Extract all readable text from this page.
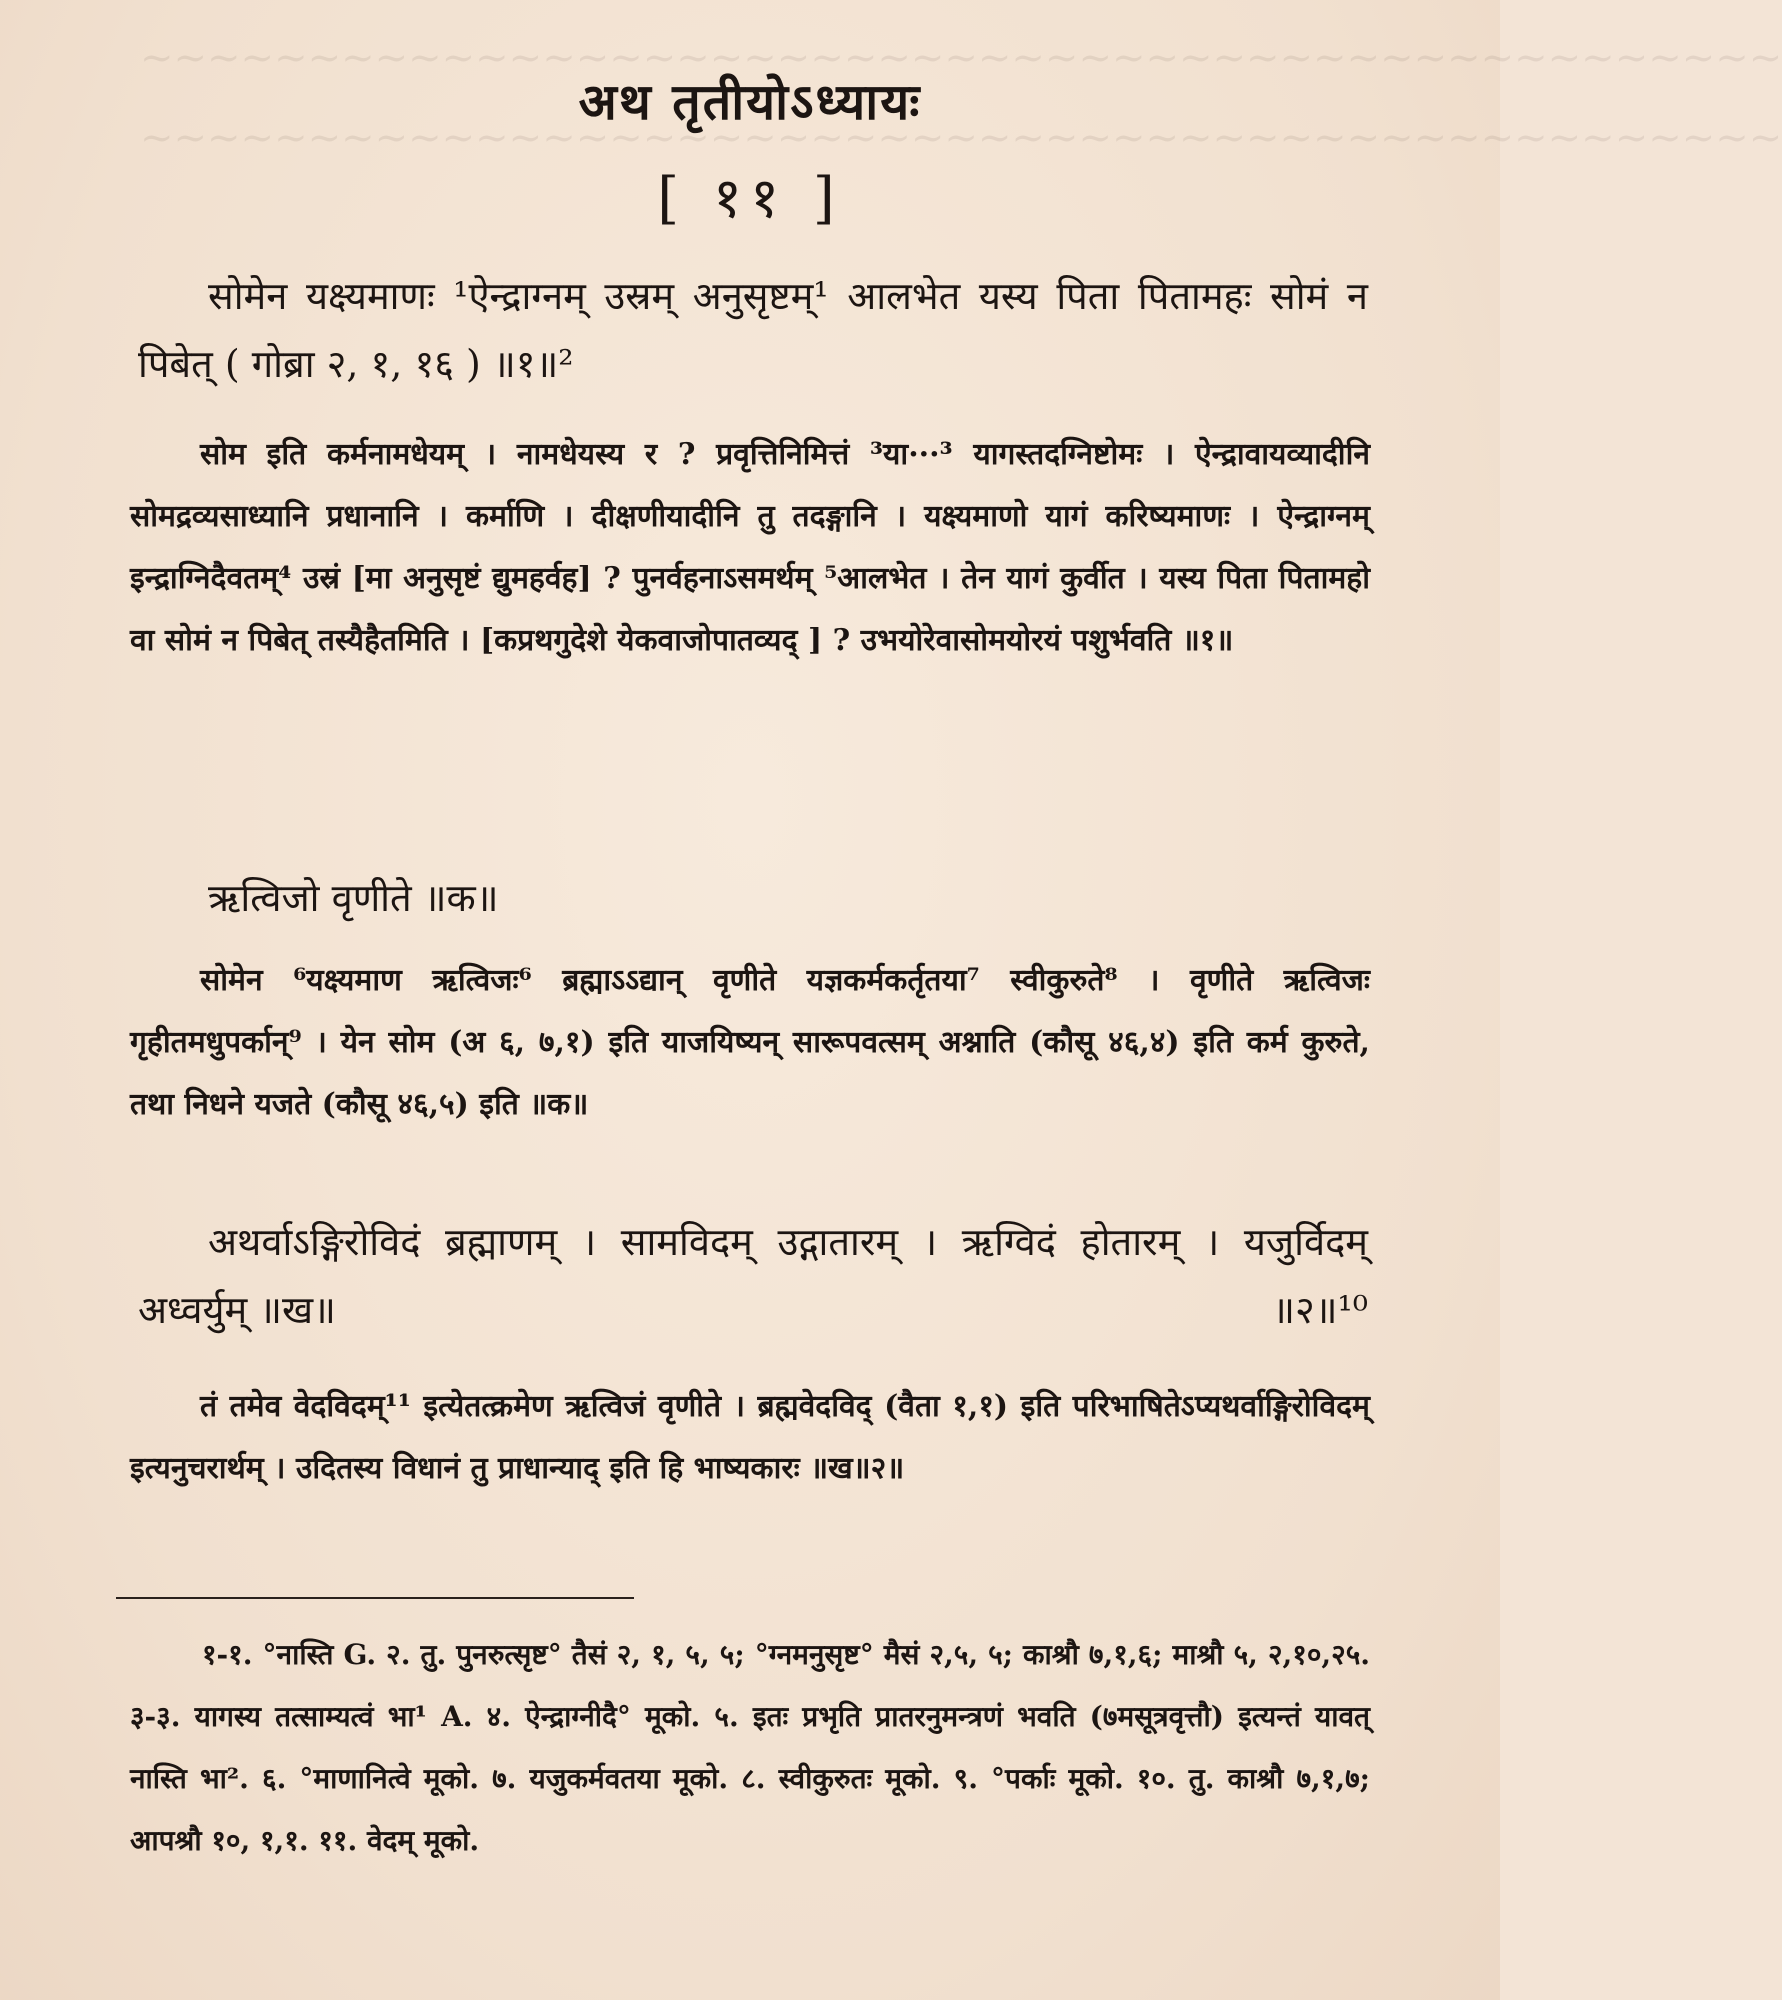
~~~~~~~~~~~~~~~~~~~~~~~~~~~~~~~~~~~~~~~~~~~~~~~~~
~~~~~~~~~~~~~~~~~~~~~~~~~~~~~~~~~~~~~~~~~~~~~~~~~
अथ तृतीयोऽध्यायः
[ ११ ]
सोमेन यक्ष्यमाणः ¹ऐन्द्राग्नम् उस्रम् अनुसृष्टम्¹ आलभेत यस्य पिता पितामहः सोमं न पिबेत् ( गोब्रा २, १, १६ ) ॥१॥²
सोम इति कर्मनामधेयम् । नामधेयस्य र ? प्रवृत्तिनिमित्तं ³या···³ यागस्तदग्निष्टोमः । ऐन्द्रावायव्यादीनि सोमद्रव्यसाध्यानि प्रधानानि । कर्माणि । दीक्षणीयादीनि तु तदङ्गानि । यक्ष्यमाणो यागं करिष्यमाणः । ऐन्द्राग्नम् इन्द्राग्निदैवतम्⁴ उस्रं [मा अनुसृष्टं द्युमहर्वह] ? पुनर्वहनाऽसमर्थम् ⁵आलभेत । तेन यागं कुर्वीत । यस्य पिता पितामहो वा सोमं न पिबेत् तस्यैहैतमिति । [कप्रथगुदेशे येकवाजोपातव्यद् ] ? उभयोरेवासोमयोरयं पशुर्भवति ॥१॥
ऋत्विजो वृणीते ॥क॥
सोमेन ⁶यक्ष्यमाण ऋत्विजः⁶ ब्रह्माऽऽद्यान् वृणीते यज्ञकर्मकर्तृतया⁷ स्वीकुरुते⁸ । वृणीते ऋत्विजः गृहीतमधुपर्कान्⁹ । येन सोम (अ ६, ७,१) इति याजयिष्यन् सारूपवत्सम् अश्नाति (कौसू ४६,४) इति कर्म कुरुते, तथा निधने यजते (कौसू ४६,५) इति ॥क॥
अथर्वाऽङ्गिरोविदं ब्रह्माणम् । सामविदम् उद्गातारम् । ऋग्विदं होतारम् । यजुर्विदम् अध्वर्युम् ॥ख॥	॥२॥¹⁰
तं तमेव वेदविदम्¹¹ इत्येतत्क्रमेण ऋत्विजं वृणीते । ब्रह्मवेदविद् (वैता १,१) इति परिभाषितेऽप्यथर्वाङ्गिरोविदम् इत्यनुचरार्थम् । उदितस्य विधानं तु प्राधान्याद् इति हि भाष्यकारः ॥ख॥२॥
१-१. °नास्ति G. २. तु. पुनरुत्सृष्ट° तैसं २, १, ५, ५; °ग्नमनुसृष्ट° मैसं २,५, ५; काश्रौ ७,१,६; माश्रौ ५, २,१०,२५. ३-३. यागस्य तत्साम्यत्वं भा¹ A. ४. ऐन्द्राग्नीदै° मूको. ५. इतः प्रभृति प्रातरनुमन्त्रणं भवति (७मसूत्रवृत्तौ) इत्यन्तं यावत् नास्ति भा². ६. °माणानित्वे मूको. ७. यजुकर्मवतया मूको. ८. स्वीकुरुतः मूको. ९. °पर्काः मूको. १०. तु. काश्रौ ७,१,७; आपश्रौ १०, १,१. ११. वेदम् मूको.
